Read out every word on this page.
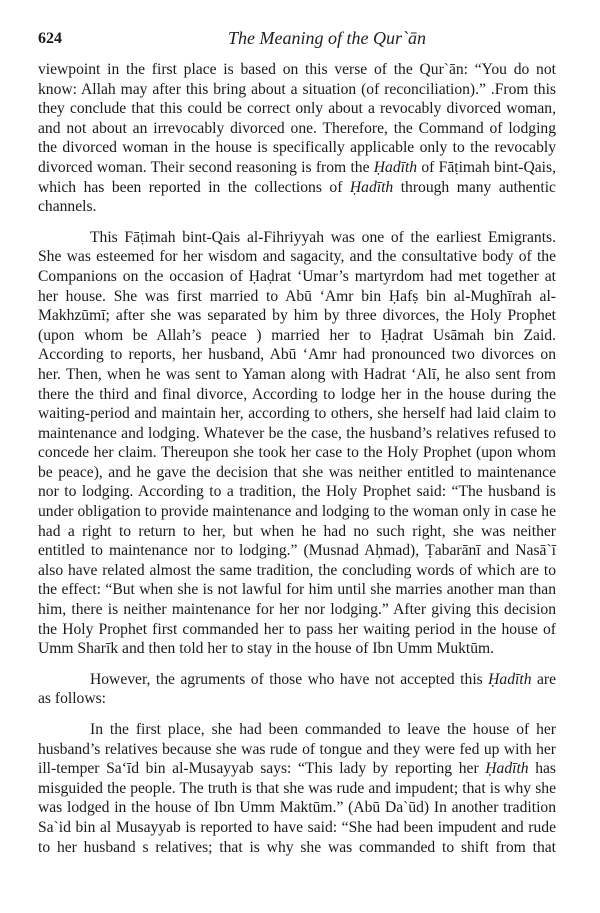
624	The Meaning of the Qur`ān
viewpoint in the first place is based on this verse of the Qur`ān: “You do not
know: Allah may after this bring about a situation (of reconciliation).” .From this
they conclude that this could be correct only about a revocably divorced woman,
and not about an irrevocably divorced one. Therefore, the Command of lodging
the divorced woman in the house is specifically applicable only to the revocably
divorced woman. Their second reasoning is from the Ḥadīth of Fāṭimah bint-Qais,
which has been reported in the collections of Ḥadīth through many authentic
channels.
This Fāṭimah bint-Qais al-Fihriyyah was one of the earliest Emigrants.
She was esteemed for her wisdom and sagacity, and the consultative body of the
Companions on the occasion of Ḥaḍrat ‘Umar’s martyrdom had met together at
her house. She was first married to Abū ‘Amr bin Ḥafṣ bin al-Mughīrah al-
Makhzūmī; after she was separated by him by three divorces, the Holy Prophet
(upon whom be Allah’s peace ) married her to Ḥaḍrat Usāmah bin Zaid.
According to reports, her husband, Abū ‘Amr had pronounced two divorces on
her. Then, when he was sent to Yaman along with Hadrat ‘Alī, he also sent from
there the third and final divorce, According to lodge her in the house during the
waiting-period and maintain her, according to others, she herself had laid claim to
maintenance and lodging. Whatever be the case, the husband’s relatives refused to
concede her claim. Thereupon she took her case to the Holy Prophet (upon whom
be peace), and he gave the decision that she was neither entitled to maintenance
nor to lodging. According to a tradition, the Holy Prophet said: “The husband is
under obligation to provide maintenance and lodging to the woman only in case he
had a right to return to her, but when he had no such right, she was neither
entitled to maintenance nor to lodging.” (Musnad Aḥmad), Ṭabarānī and Nasā`ī
also have related almost the same tradition, the concluding words of which are to
the effect: “But when she is not lawful for him until she marries another man than
him, there is neither maintenance for her nor lodging.” After giving this decision
the Holy Prophet first commanded her to pass her waiting period in the house of
Umm Sharīk and then told her to stay in the house of Ibn Umm Muktūm.
However, the agruments of those who have not accepted this Ḥadīth are
as follows:
In the first place, she had been commanded to leave the house of her
husband’s relatives because she was rude of tongue and they were fed up with her
ill-temper Sa‘īd bin al-Musayyab says: “This lady by reporting her Ḥadīth has
misguided the people. The truth is that she was rude and impudent; that is why she
was lodged in the house of Ibn Umm Maktūm.” (Abū Da`ūd) In another tradition
Sa`id bin al Musayyab is reported to have said: “She had been impudent and rude
to her husband s relatives; that is why she was commanded to shift from that
